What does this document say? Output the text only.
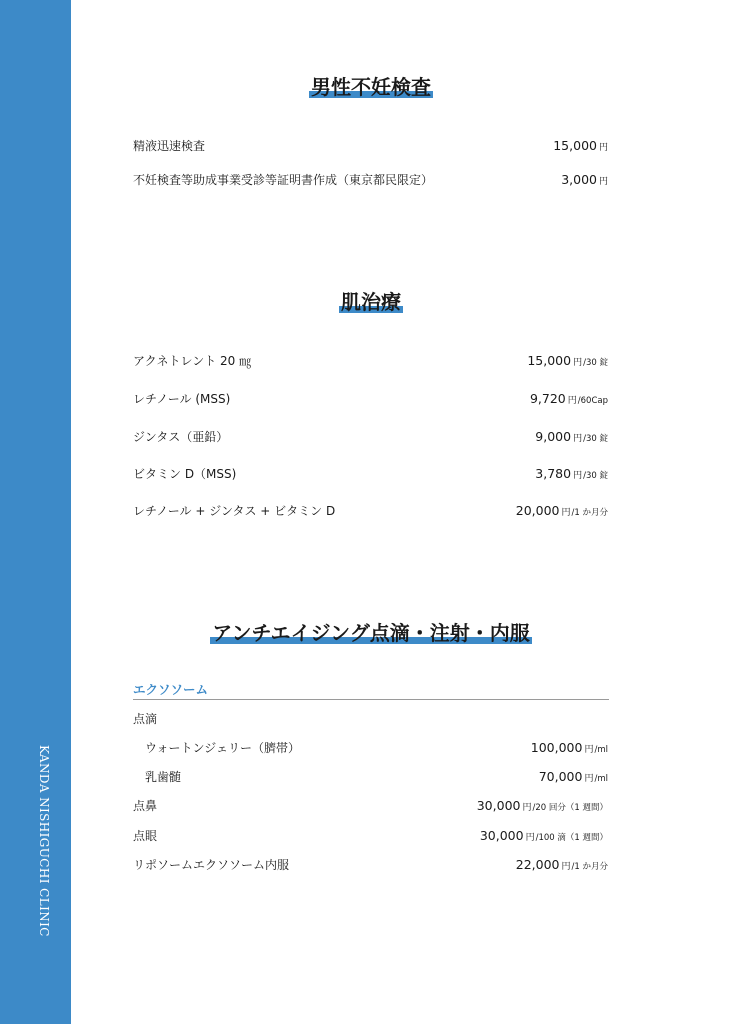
KANDA NISHIGUCHI CLINIC
男性不妊検査
精液迅速検査	15,000 円
不妊検査等助成事業受診等証明書作成（東京都民限定）	3,000 円
肌治療
アクネトレント 20 ㎎	15,000 円/30 錠
レチノール (MSS)	9,720 円/60Cap
ジンタス（亜鉛）	9,000 円/30 錠
ビタミン D（MSS)	3,780 円/30 錠
レチノール + ジンタス + ビタミン D	20,000 円/1 か月分
アンチエイジング点滴・注射・内服
エクソソーム
点滴
ウォートンジェリー（臍帯）	100,000 円/ml
乳歯髄	70,000 円/ml
点鼻	30,000 円/20 回分（1 週間）
点眼	30,000 円/100 滴（1 週間）
リポソームエクソソーム内服	22,000 円/1 か月分
